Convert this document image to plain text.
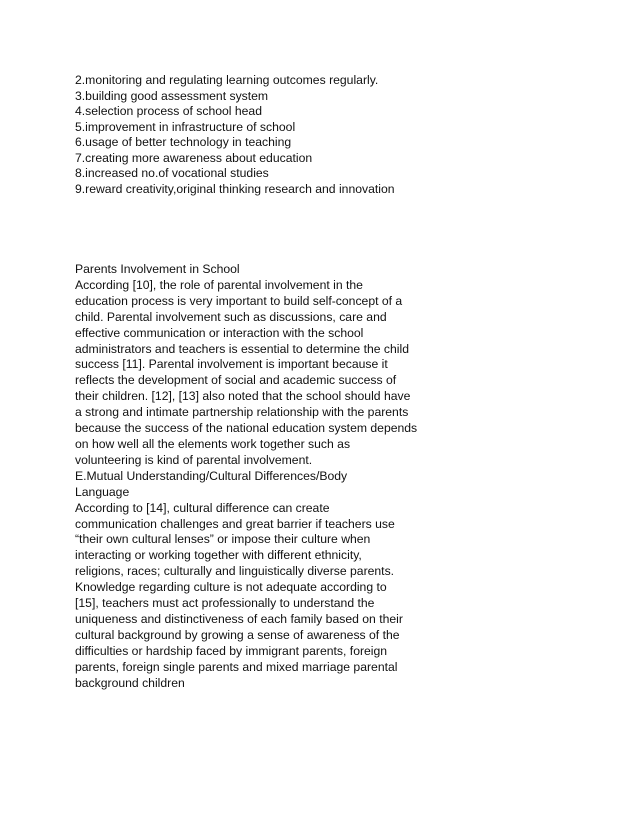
2.monitoring and regulating learning outcomes regularly.
3.building good assessment system
4.selection process of school head
5.improvement in infrastructure of school
6.usage of better technology in teaching
7.creating more awareness about education
8.increased no.of vocational studies
9.reward creativity,original thinking research and innovation
Parents Involvement in School
According [10], the role of parental involvement in the
education process is very important to build self-concept of a
child. Parental involvement such as discussions, care and
effective communication or interaction with the school
administrators and teachers is essential to determine the child
success [11]. Parental involvement is important because it
reflects the development of social and academic success of
their children. [12], [13] also noted that the school should have
a strong and intimate partnership relationship with the parents
because the success of the national education system depends
on how well all the elements work together such as
volunteering is kind of parental involvement.
E.Mutual Understanding/Cultural Differences/Body
Language
According to [14], cultural difference can create
communication challenges and great barrier if teachers use
“their own cultural lenses” or impose their culture when
interacting or working together with different ethnicity,
religions, races; culturally and linguistically diverse parents.
Knowledge regarding culture is not adequate according to
[15], teachers must act professionally to understand the
uniqueness and distinctiveness of each family based on their
cultural background by growing a sense of awareness of the
difficulties or hardship faced by immigrant parents, foreign
parents, foreign single parents and mixed marriage parental
background children
